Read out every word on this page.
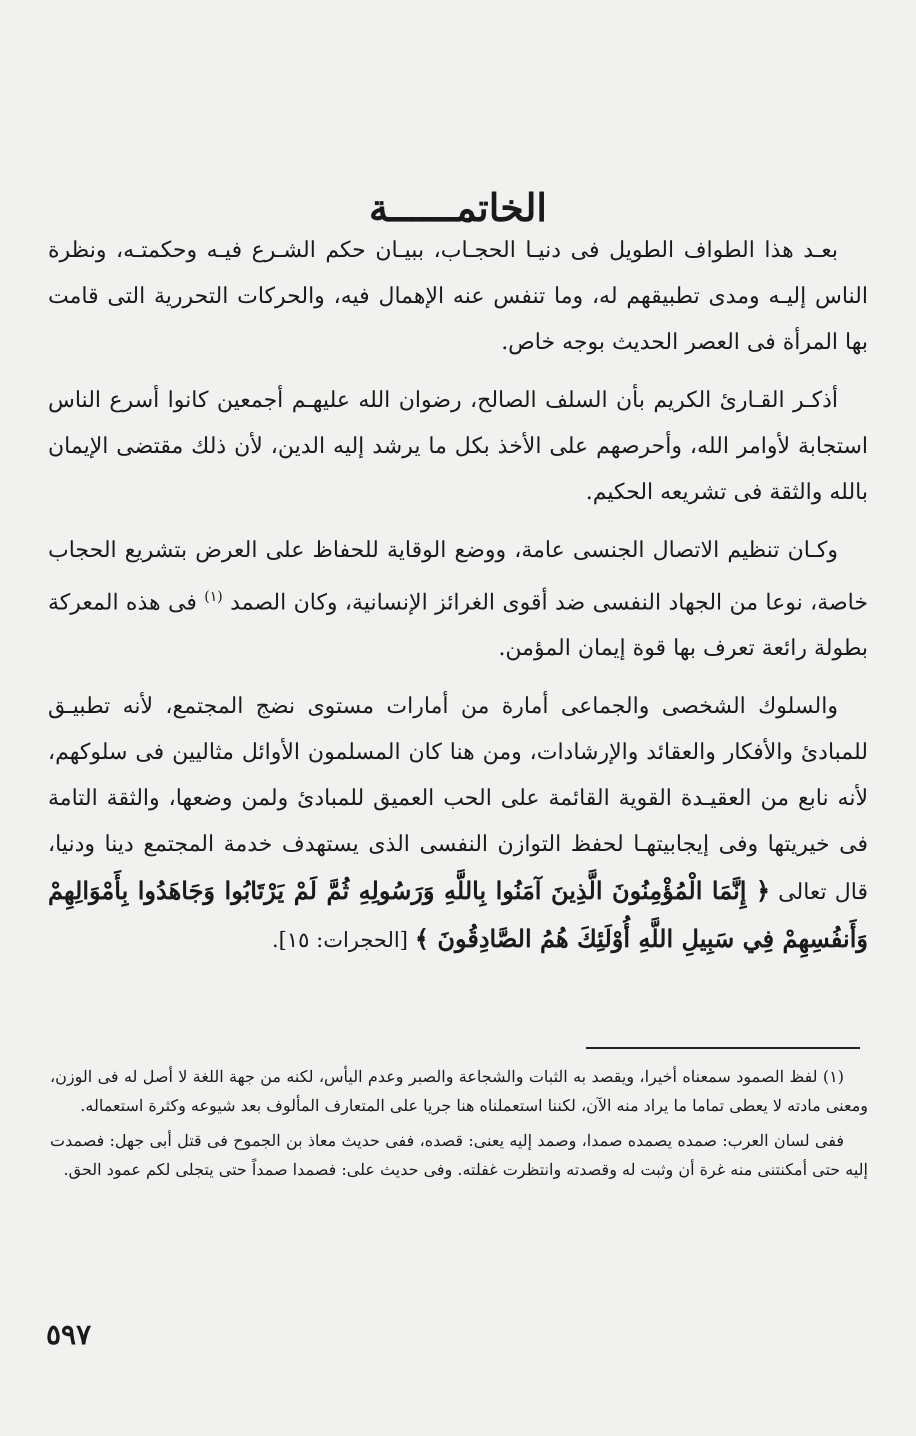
الخاتمــــــة

بعـد هذا الطواف الطويل فى دنيـا الحجـاب، ببيـان حكم الشـرع فيـه وحكمتـه، ونظرة الناس إليـه ومدى تطبيقهم له، وما تنفس عنه الإهمال فيه، والحركات التحررية التى قامت بها المرأة فى العصر الحديث بوجه خاص.

أذكـر القـارئ الكريم بأن السلف الصالح، رضوان الله عليهـم أجمعين كانوا أسرع الناس استجابة لأوامر الله، وأحرصهم على الأخذ بكل ما يرشد إليه الدين، لأن ذلك مقتضى الإيمان بالله والثقة فى تشريعه الحكيم.

وكـان تنظيم الاتصال الجنسى عامة، ووضع الوقاية للحفاظ على العرض بتشريع الحجاب خاصة، نوعا من الجهاد النفسى ضد أقوى الغرائز الإنسانية، وكان الصمد $^{(١)}$ فى هذه المعركة بطولة رائعة تعرف بها قوة إيمان المؤمن.

والسلوك الشخصى والجماعى أمارة من أمارات مستوى نضج المجتمع، لأنه تطبيـق للمبادئ والأفكار والعقائد والإرشادات، ومن هنا كان المسلمون الأوائل مثاليين فى سلوكهم، لأنه نابع من العقيـدة القوية القائمة على الحب العميق للمبادئ ولمن وضعها، والثقة التامة فى خيريتها وفى إيجابيتهـا لحفظ التوازن النفسى الذى يستهدف خدمة المجتمع دينا ودنيا، قال تعالى ﴿ إِنَّمَا الْمُؤْمِنُونَ الَّذِينَ آمَنُوا بِاللَّهِ وَرَسُولِهِ ثُمَّ لَمْ يَرْتَابُوا وَجَاهَدُوا بِأَمْوَالِهِمْ وَأَنفُسِهِمْ فِي سَبِيلِ اللَّهِ أُوْلَئِكَ هُمُ الصَّادِقُونَ ﴾ [الحجرات: ١٥].

(١) لفظ الصمود سمعناه أخيرا، ويقصد به الثبات والشجاعة والصبر وعدم اليأس، لكنه من جهة اللغة لا أصل له فى الوزن، ومعنى مادته لا يعطى تماما ما يراد منه الآن، لكننا استعملناه هنا جريا على المتعارف المألوف بعد شيوعه وكثرة استعماله.

ففى لسان العرب: صمده يصمده صمدا، وصمد إليه يعنى: قصده، ففى حديث معاذ بن الجموح فى قتل أبى جهل: فصمدت إليه حتى أمكنتنى منه غرة أن وثبت له وقصدته وانتظرت غفلته. وفى حديث على: فصمدا صمداً حتى يتجلى لكم عمود الحق.

٥٩٧
